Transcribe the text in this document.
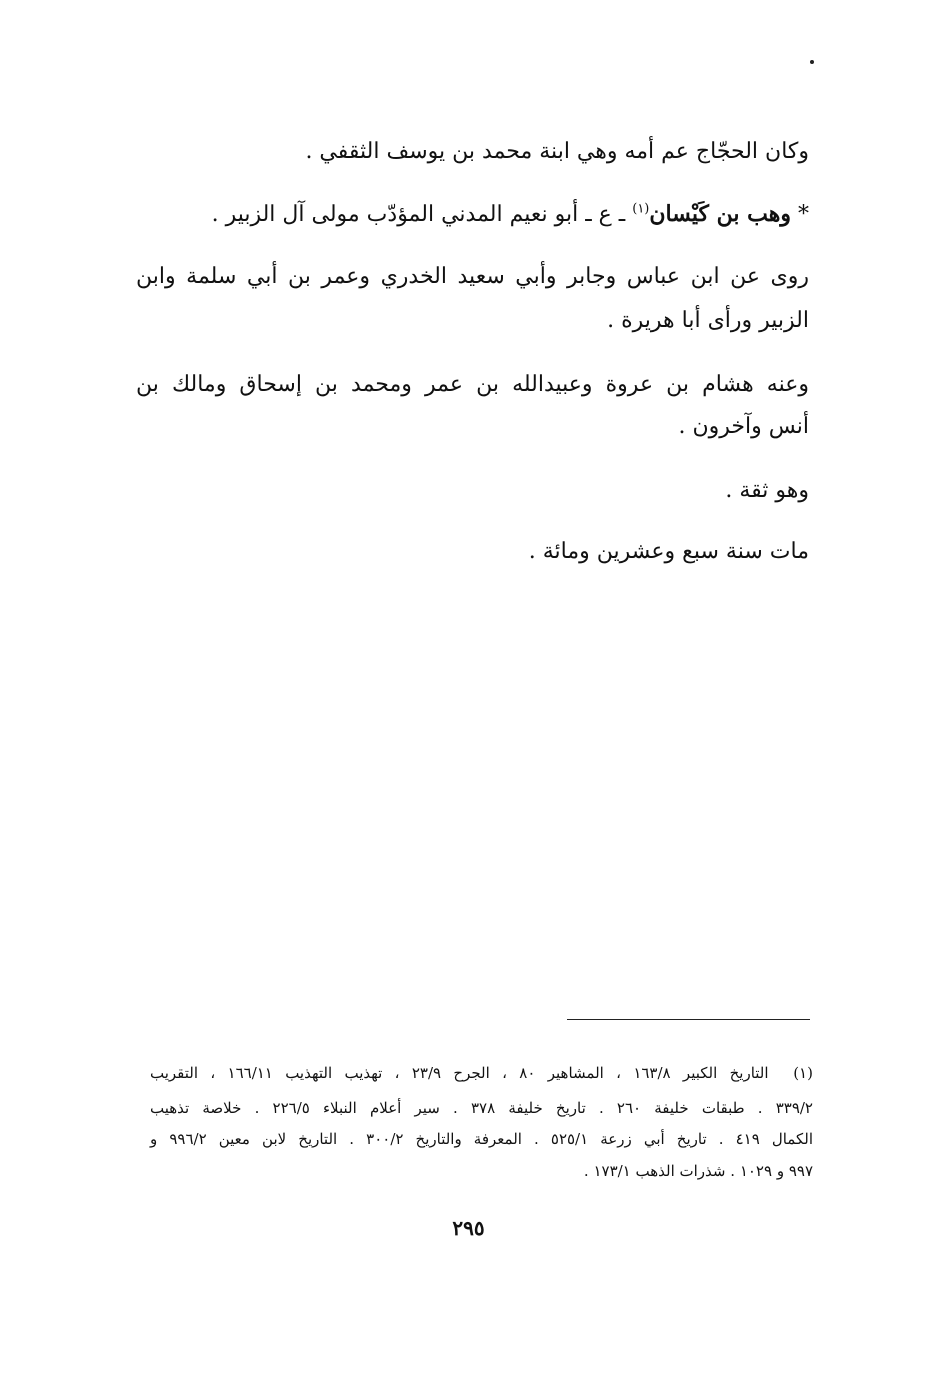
وكان الحجّاج عم أمه وهي ابنة محمد بن يوسف الثقفي .
* وهب بن كَيْسان$^{(١)}$ ـ ع ـ أبو نعيم المدني المؤدّب مولى آل الزبير .
روى عن ابن عباس وجابر وأبي سعيد الخدري وعمر بن أبي سلمة وابن
الزبير ورأى أبا هريرة .
وعنه هشام بن عروة وعبيدالله بن عمر ومحمد بن إسحاق ومالك بن
أنس وآخرون .
وهو ثقة .
مات سنة سبع وعشرين ومائة .
(١)  التاريخ الكبير ١٦٣/٨ ، المشاهير ٨٠ ، الجرح ٢٣/٩ ، تهذيب التهذيب ١٦٦/١١ ، التقريب
٣٣٩/٢ . طبقات خليفة ٢٦٠ . تاريخ خليفة ٣٧٨ . سير أعلام النبلاء ٢٢٦/٥ . خلاصة تذهيب
الكمال ٤١٩ . تاريخ أبي زرعة ٥٢٥/١ . المعرفة والتاريخ ٣٠٠/٢ . التاريخ لابن معين ٩٩٦/٢ و
٩٩٧ و ١٠٢٩ . شذرات الذهب ١٧٣/١ .
٢٩٥
